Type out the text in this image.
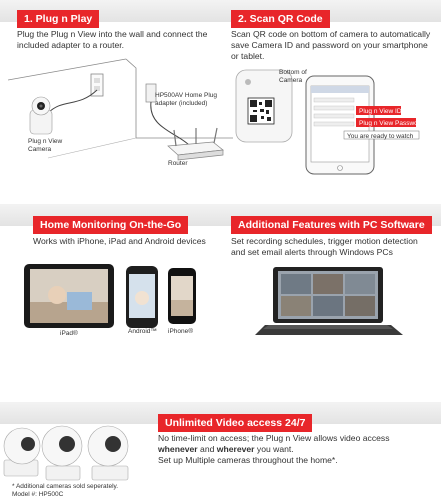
1. Plug n Play
Plug the Plug n View into the wall and connect the included adapter to a router.
HP500AV Home Plug adapter (included)
Plug n View Camera
Router
2. Scan QR Code
Scan QR code on bottom of camera to automatically save Camera ID and password on your smartphone or tablet.
Bottom of Camera
Plug n View ID
Plug n View Password
You are ready to watch
Home Monitoring On-the-Go
Works with iPhone, iPad and Android devices
iPad®	Android™ iPhone®
Additional Features with PC Software
Set recording schedules, trigger motion detection and set email alerts through Windows PCs
* Additional cameras sold seperately.
Model #: HP500C
Unlimited Video access 24/7
No time-limit on access; the Plug n View allows video access
whenever and wherever you want.
Set up Multiple cameras throughout the home*.
